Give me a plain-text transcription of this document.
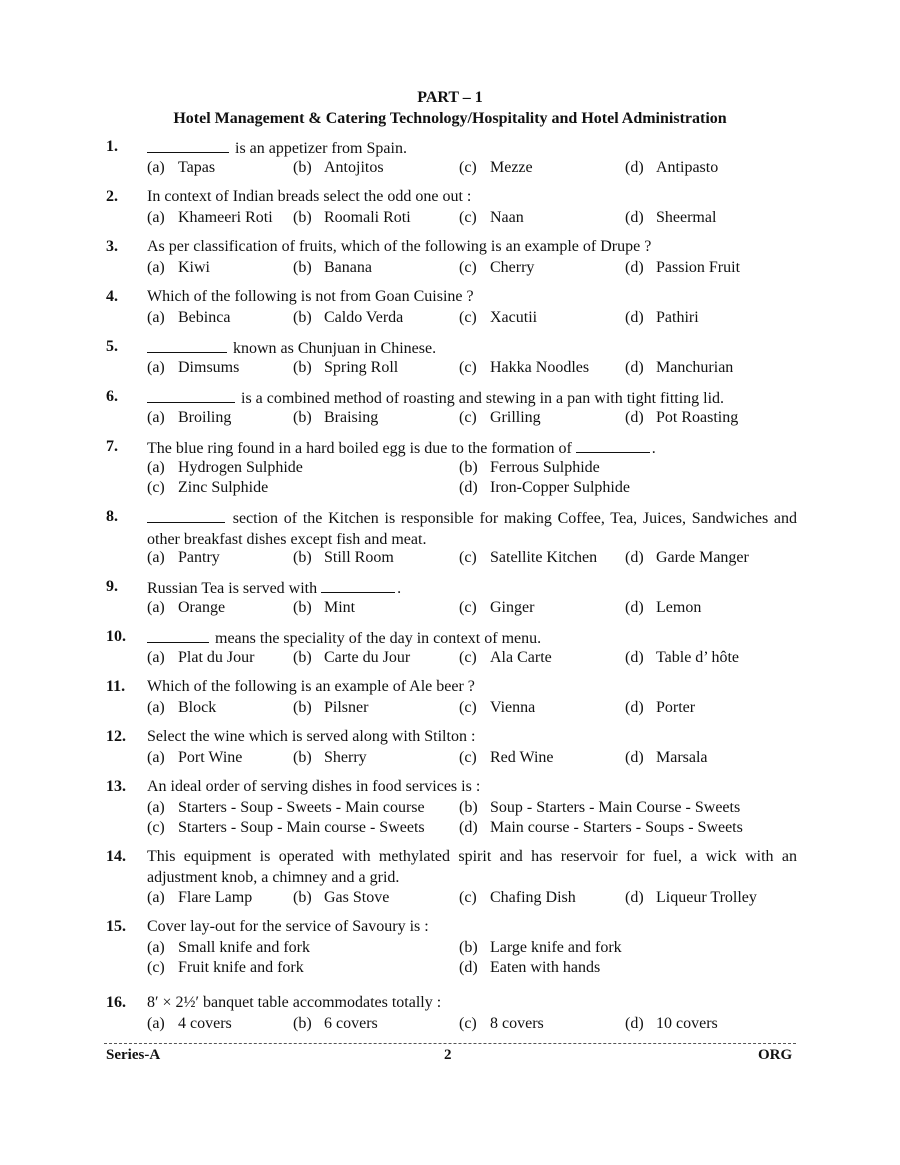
PART – 1
Hotel Management & Catering Technology/Hospitality and Hotel Administration
1.	is an appetizer from Spain.
(a) Tapas	(b) Antojitos	(c) Mezze	(d) Antipasto
2. In context of Indian breads select the odd one out :
(a) Khameeri Roti (b) Roomali Roti	(c) Naan	(d) Sheermal
3. As per classification of fruits, which of the following is an example of Drupe ?
(a) Kiwi	(b) Banana	(c) Cherry	(d) Passion Fruit
4. Which of the following is not from Goan Cuisine ?
(a) Bebinca	(b) Caldo Verda	(c) Xacutii	(d) Pathiri
5.	known as Chunjuan in Chinese.
(a) Dimsums	(b) Spring Roll	(c) Hakka Noodles (d) Manchurian
6.	is a combined method of roasting and stewing in a pan with tight fitting lid.
(a) Broiling	(b) Braising	(c) Grilling	(d) Pot Roasting
7. The blue ring found in a hard boiled egg is due to the formation of	.
(a) Hydrogen Sulphide	(b) Ferrous Sulphide
(c) Zinc Sulphide	(d) Iron-Copper Sulphide
8.	section of the Kitchen is responsible for making Coffee, Tea, Juices, Sandwiches and other breakfast dishes except fish and meat.
(a) Pantry	(b) Still Room	(c) Satellite Kitchen (d) Garde Manger
9. Russian Tea is served with	.
(a) Orange	(b) Mint	(c) Ginger	(d) Lemon
10.	means the speciality of the day in context of menu.
(a) Plat du Jour (b) Carte du Jour	(c) Ala Carte	(d) Table d’ hôte
11. Which of the following is an example of Ale beer ?
(a) Block	(b) Pilsner	(c) Vienna	(d) Porter
12. Select the wine which is served along with Stilton :
(a) Port Wine	(b) Sherry	(c) Red Wine	(d) Marsala
13. An ideal order of serving dishes in food services is :
(a) Starters - Soup - Sweets - Main course (b) Soup - Starters - Main Course - Sweets
(c) Starters - Soup - Main course - Sweets (d) Main course - Starters - Soups - Sweets
14. This equipment is operated with methylated spirit and has reservoir for fuel, a wick with an adjustment knob, a chimney and a grid.
(a) Flare Lamp	(b) Gas Stove	(c) Chafing Dish	(d) Liqueur Trolley
15. Cover lay-out for the service of Savoury is :
(a) Small knife and fork	(b) Large knife and fork
(c) Fruit knife and fork	(d) Eaten with hands
16. 8′ × 2½′ banquet table accommodates totally :
(a) 4 covers	(b) 6 covers	(c) 8 covers	(d) 10 covers
Series-A	2	ORG
